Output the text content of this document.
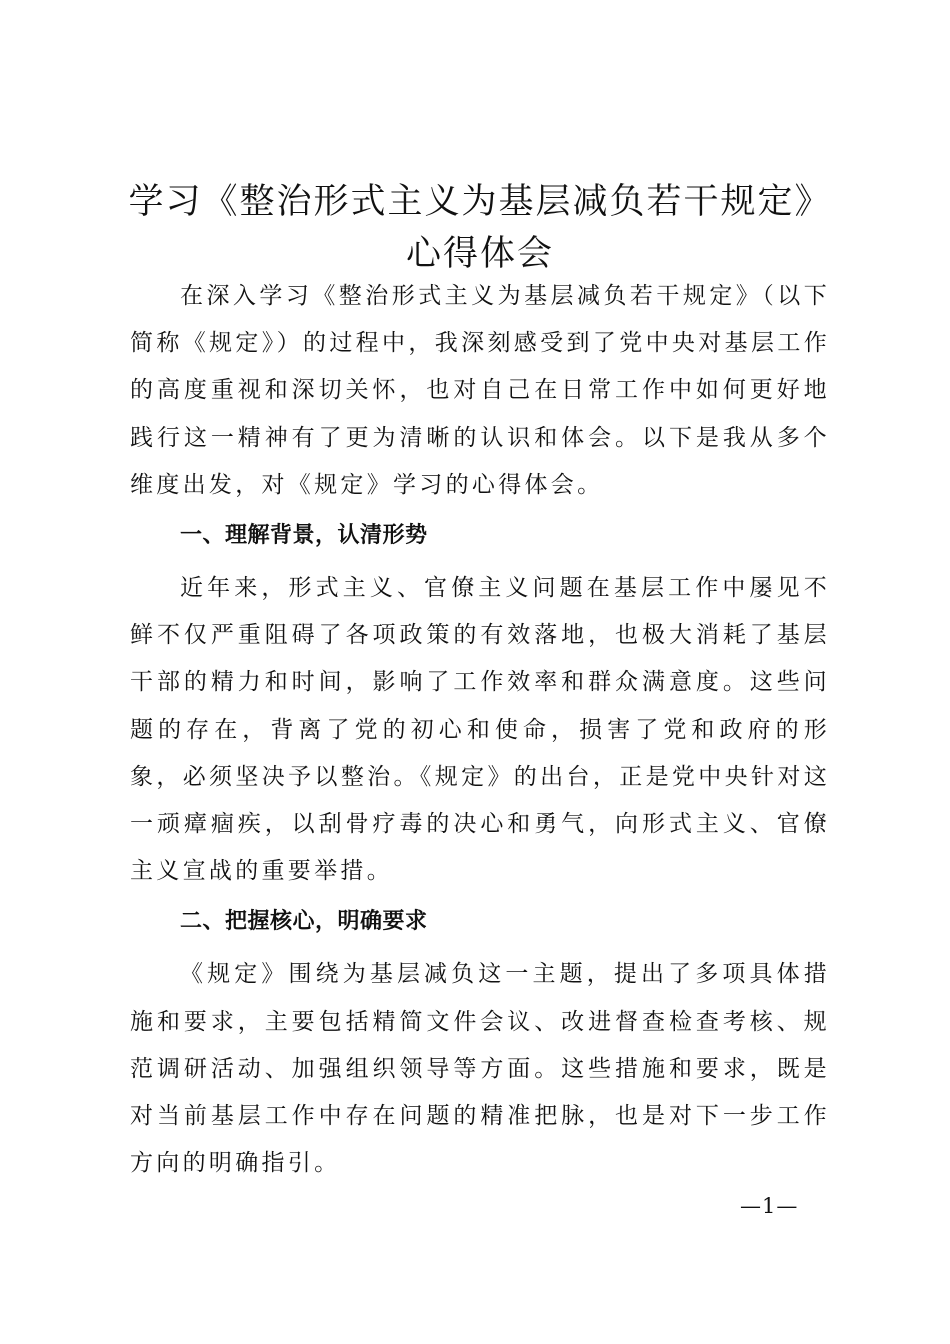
学习《整治形式主义为基层减负若干规定》心得体会

在深入学习《整治形式主义为基层减负若干规定》（以下简称《规定》）的过程中，我深刻感受到了党中央对基层工作的高度重视和深切关怀，也对自己在日常工作中如何更好地践行这一精神有了更为清晰的认识和体会。以下是我从多个维度出发，对《规定》学习的心得体会。

一、理解背景，认清形势

近年来，形式主义、官僚主义问题在基层工作中屡见不鲜不仅严重阻碍了各项政策的有效落地，也极大消耗了基层干部的精力和时间，影响了工作效率和群众满意度。这些问题的存在，背离了党的初心和使命，损害了党和政府的形象，必须坚决予以整治。《规定》的出台，正是党中央针对这一顽瘴痼疾，以刮骨疗毒的决心和勇气，向形式主义、官僚主义宣战的重要举措。

二、把握核心，明确要求

《规定》围绕为基层减负这一主题，提出了多项具体措施和要求，主要包括精简文件会议、改进督查检查考核、规范调研活动、加强组织领导等方面。这些措施和要求，既是对当前基层工作中存在问题的精准把脉，也是对下一步工作方向的明确指引。

—1—
